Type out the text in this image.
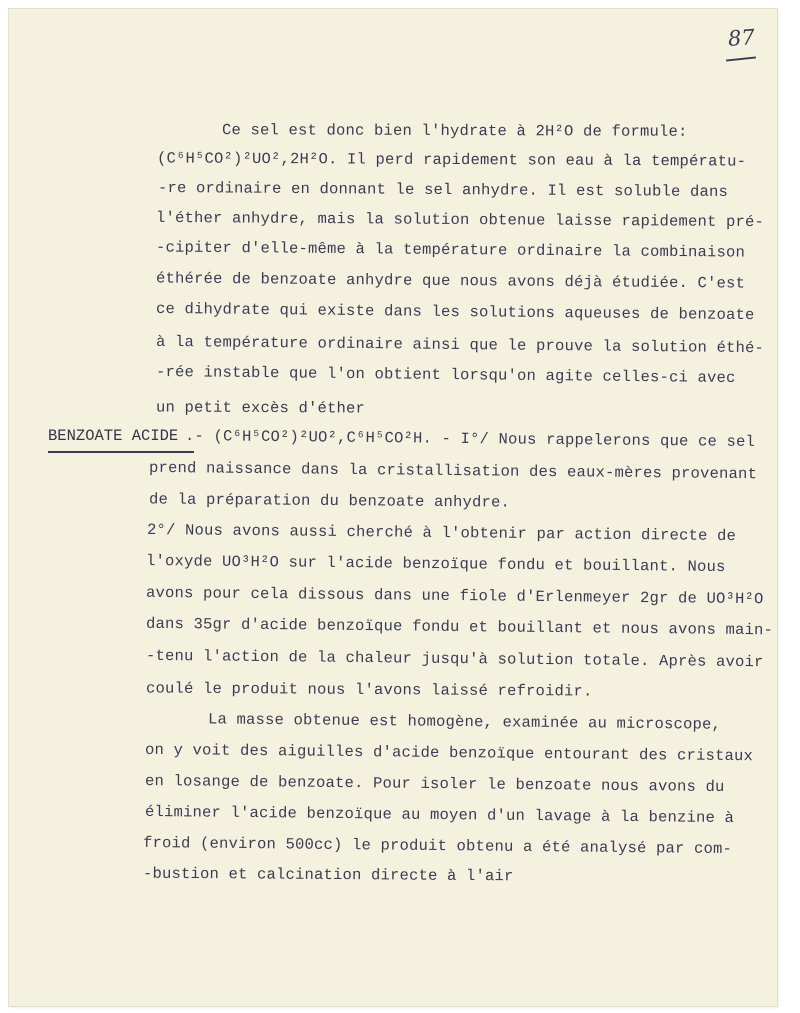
87
Ce sel est donc bien l'hydrate à 2H²O de formule:
(C⁶H⁵CO²)²UO²,2H²O. Il perd rapidement son eau à la températu-
-re ordinaire en donnant le sel anhydre. Il est soluble dans
l'éther anhydre, mais la solution obtenue laisse rapidement pré-
-cipiter d'elle-même à la température ordinaire la combinaison
éthérée de benzoate anhydre que nous avons déjà étudiée. C'est
ce dihydrate qui existe dans les solutions aqueuses de benzoate
à la température ordinaire ainsi que le prouve la solution éthé-
-rée instable que l'on obtient lorsqu'on agite celles-ci avec
un petit excès d'éther
BENZOATE ACIDE .- (C⁶H⁵CO²)²UO²,C⁶H⁵CO²H. - I°/ Nous rappelerons que ce sel
prend naissance dans la cristallisation des eaux-mères provenant
de la préparation du benzoate anhydre.
2°/ Nous avons aussi cherché à l'obtenir par action directe de
l'oxyde UO³H²O sur l'acide benzoïque fondu et bouillant. Nous
avons pour cela dissous dans une fiole d'Erlenmeyer 2gr de UO³H²O
dans 35gr d'acide benzoïque fondu et bouillant et nous avons main-
-tenu l'action de la chaleur jusqu'à solution totale. Après avoir
coulé le produit nous l'avons laissé refroidir.
La masse obtenue est homogène, examinée au microscope,
on y voit des aiguilles d'acide benzoïque entourant des cristaux
en losange de benzoate. Pour isoler le benzoate nous avons du
éliminer l'acide benzoïque au moyen d'un lavage à la benzine à
froid (environ 500cc) le produit obtenu a été analysé par com-
-bustion et calcination directe à l'air
